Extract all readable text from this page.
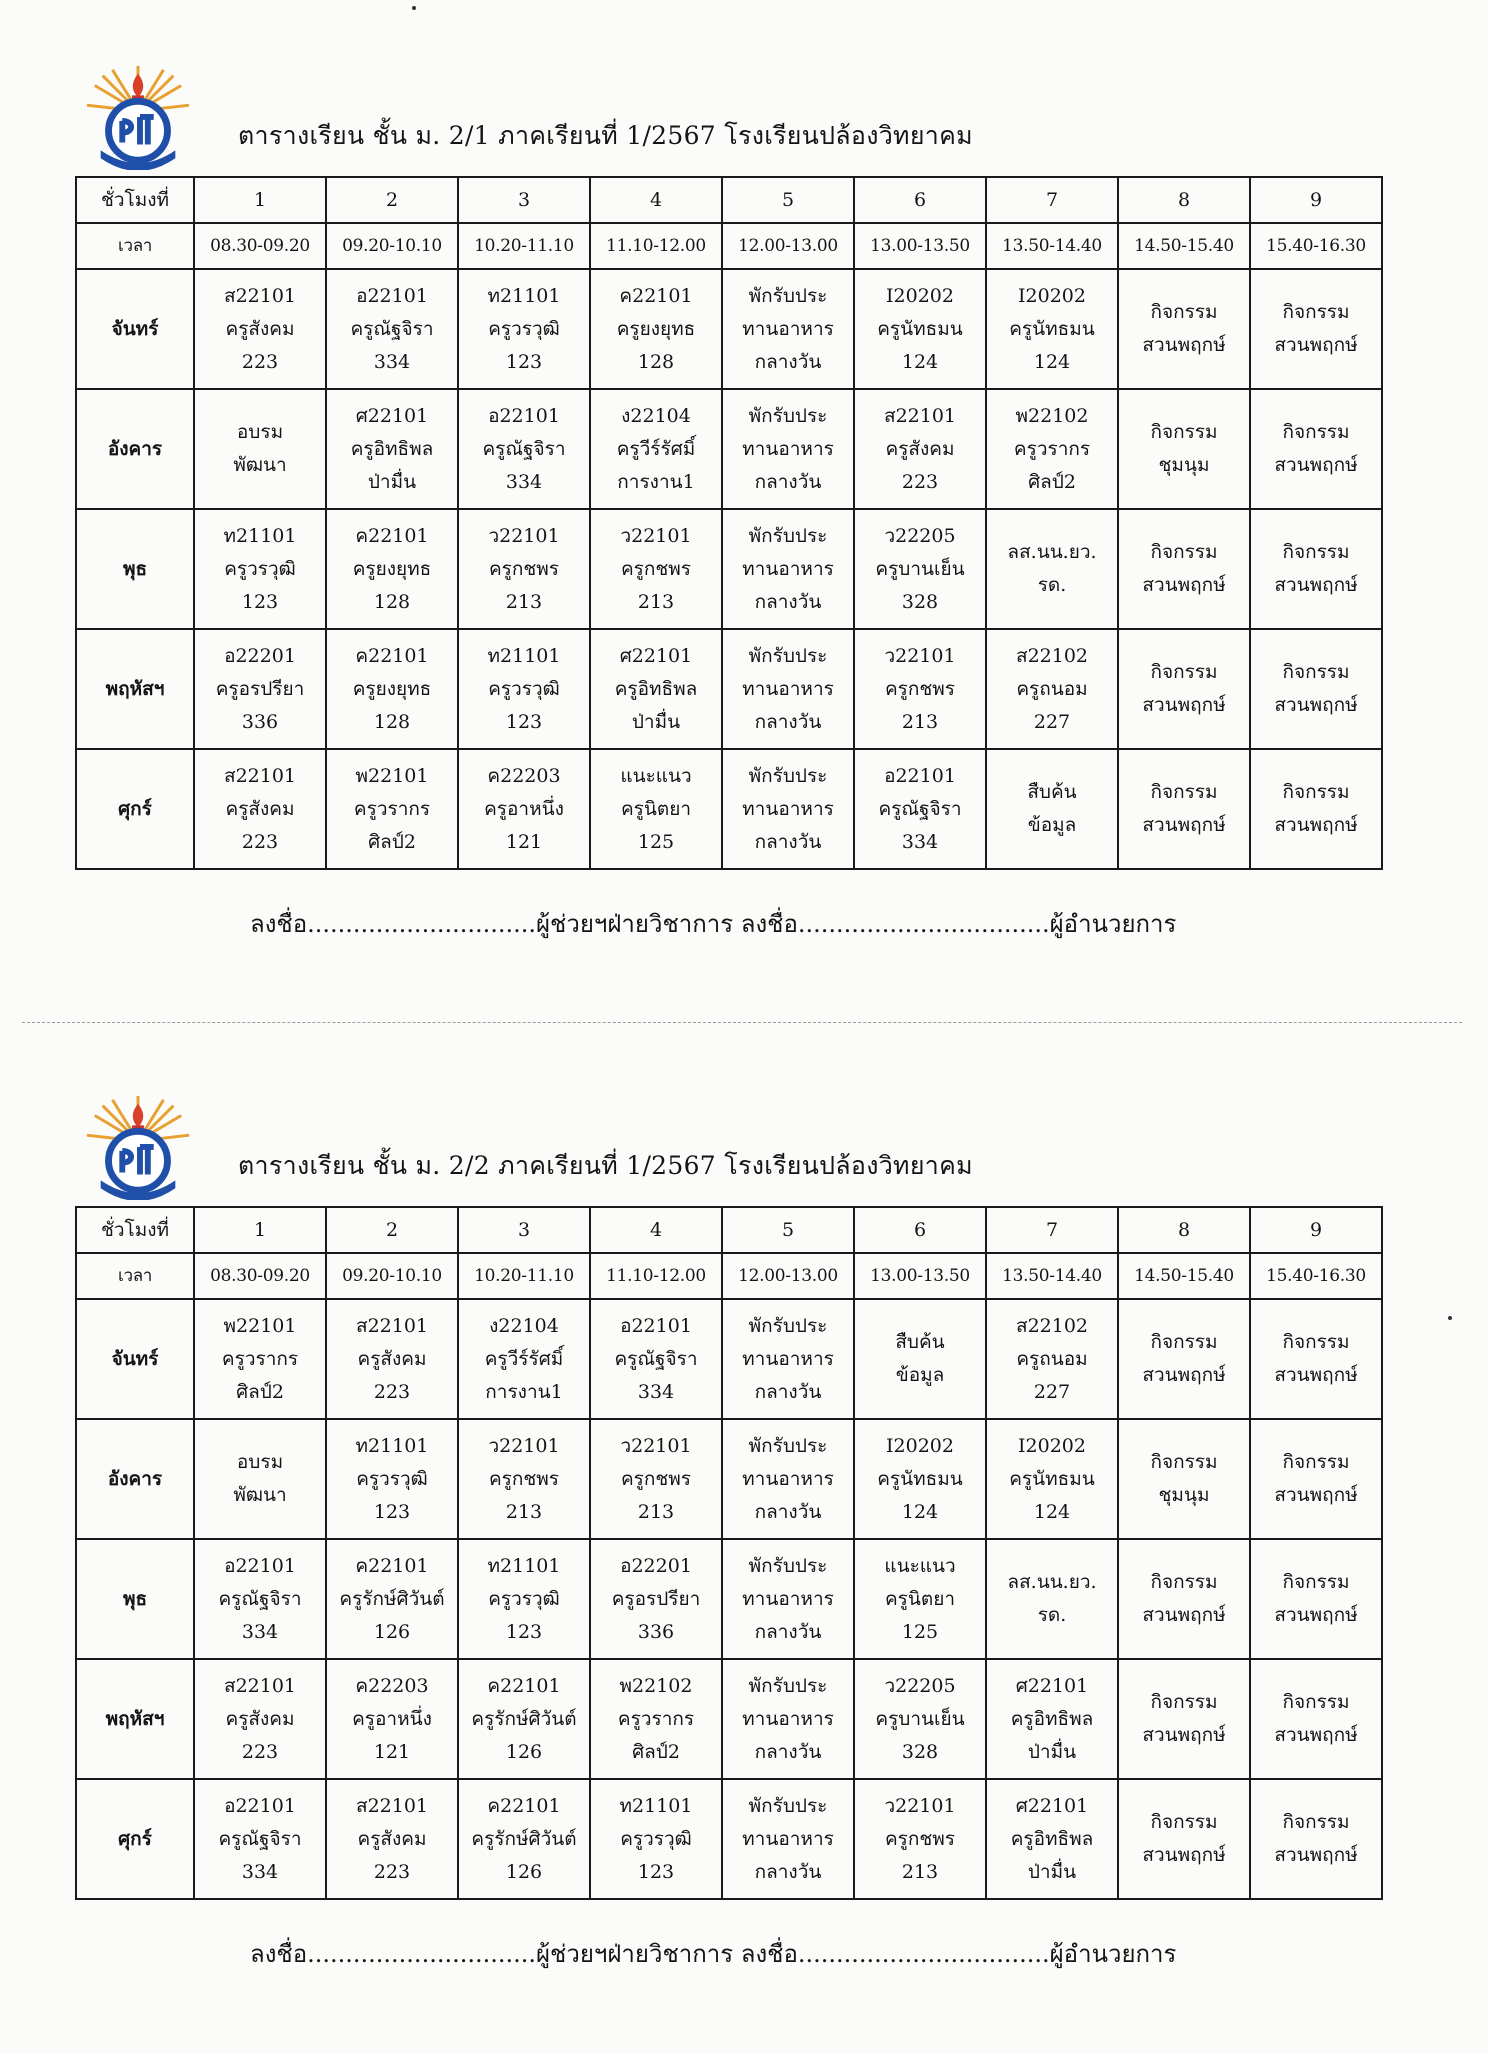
ตารางเรียน ชั้น ม. 2/1 ภาคเรียนที่ 1/2567 โรงเรียนปล้องวิทยาคม
ชั่วโมงที่	1	2	3	4	5	6	7	8	9
เวลา	08.30-09.20	09.20-10.10	10.20-11.10	11.10-12.00	12.00-13.00	13.00-13.50	13.50-14.40	14.50-15.40	15.40-16.30
จันทร์	ส22101
ครูสังคม
223	อ22101
ครูณัฐจิรา
334	ท21101
ครูวรวุฒิ
123	ค22101
ครูยงยุทธ
128	พักรับประ
ทานอาหาร
กลางวัน	I20202
ครูนัทธมน
124	I20202
ครูนัทธมน
124	กิจกรรม
สวนพฤกษ์	กิจกรรม
สวนพฤกษ์

อังคาร	อบรม
พัฒนา	ศ22101
ครูอิทธิพล
ป่ามื่น	อ22101
ครูณัฐจิรา
334	ง22104
ครูวีร์รัศมิ์
การงาน1	พักรับประ
ทานอาหาร
กลางวัน	ส22101
ครูสังคม
223	พ22102
ครูวรากร
ศิลป์2	กิจกรรม
ชุมนุม	กิจกรรม
สวนพฤกษ์

พุธ	ท21101
ครูวรวุฒิ
123	ค22101
ครูยงยุทธ
128	ว22101
ครูกชพร
213	ว22101
ครูกชพร
213	พักรับประ
ทานอาหาร
กลางวัน	ว22205
ครูบานเย็น
328	ลส.นน.ยว.
รด.	กิจกรรม
สวนพฤกษ์	กิจกรรม
สวนพฤกษ์

พฤหัสฯ	อ22201
ครูอรปรียา
336	ค22101
ครูยงยุทธ
128	ท21101
ครูวรวุฒิ
123	ศ22101
ครูอิทธิพล
ป่ามื่น	พักรับประ
ทานอาหาร
กลางวัน	ว22101
ครูกชพร
213	ส22102
ครูถนอม
227	กิจกรรม
สวนพฤกษ์	กิจกรรม
สวนพฤกษ์

ศุกร์	ส22101
ครูสังคม
223	พ22101
ครูวรากร
ศิลป์2	ค22203
ครูอาหนึ่ง
121	แนะแนว
ครูนิตยา
125	พักรับประ
ทานอาหาร
กลางวัน	อ22101
ครูณัฐจิรา
334	สืบค้น
ข้อมูล	กิจกรรม
สวนพฤกษ์	กิจกรรม
สวนพฤกษ์
ลงชื่อ..............................ผู้ช่วยฯฝ่ายวิชาการ ลงชื่อ.................................ผู้อำนวยการ
ตารางเรียน ชั้น ม. 2/2 ภาคเรียนที่ 1/2567 โรงเรียนปล้องวิทยาคม
ชั่วโมงที่	1	2	3	4	5	6	7	8	9
เวลา	08.30-09.20	09.20-10.10	10.20-11.10	11.10-12.00	12.00-13.00	13.00-13.50	13.50-14.40	14.50-15.40	15.40-16.30
จันทร์	พ22101
ครูวรากร
ศิลป์2	ส22101
ครูสังคม
223	ง22104
ครูวีร์รัศมิ์
การงาน1	อ22101
ครูณัฐจิรา
334	พักรับประ
ทานอาหาร
กลางวัน	สืบค้น
ข้อมูล	ส22102
ครูถนอม
227	กิจกรรม
สวนพฤกษ์	กิจกรรม
สวนพฤกษ์

อังคาร	อบรม
พัฒนา	ท21101
ครูวรวุฒิ
123	ว22101
ครูกชพร
213	ว22101
ครูกชพร
213	พักรับประ
ทานอาหาร
กลางวัน	I20202
ครูนัทธมน
124	I20202
ครูนัทธมน
124	กิจกรรม
ชุมนุม	กิจกรรม
สวนพฤกษ์

พุธ	อ22101
ครูณัฐจิรา
334	ค22101
ครูรักษ์ศิวันต์
126	ท21101
ครูวรวุฒิ
123	อ22201
ครูอรปรียา
336	พักรับประ
ทานอาหาร
กลางวัน	แนะแนว
ครูนิตยา
125	ลส.นน.ยว.
รด.	กิจกรรม
สวนพฤกษ์	กิจกรรม
สวนพฤกษ์

พฤหัสฯ	ส22101
ครูสังคม
223	ค22203
ครูอาหนึ่ง
121	ค22101
ครูรักษ์ศิวันต์
126	พ22102
ครูวรากร
ศิลป์2	พักรับประ
ทานอาหาร
กลางวัน	ว22205
ครูบานเย็น
328	ศ22101
ครูอิทธิพล
ป่ามื่น	กิจกรรม
สวนพฤกษ์	กิจกรรม
สวนพฤกษ์

ศุกร์	อ22101
ครูณัฐจิรา
334	ส22101
ครูสังคม
223	ค22101
ครูรักษ์ศิวันต์
126	ท21101
ครูวรวุฒิ
123	พักรับประ
ทานอาหาร
กลางวัน	ว22101
ครูกชพร
213	ศ22101
ครูอิทธิพล
ป่ามื่น	กิจกรรม
สวนพฤกษ์	กิจกรรม
สวนพฤกษ์
ลงชื่อ..............................ผู้ช่วยฯฝ่ายวิชาการ ลงชื่อ.................................ผู้อำนวยการ
